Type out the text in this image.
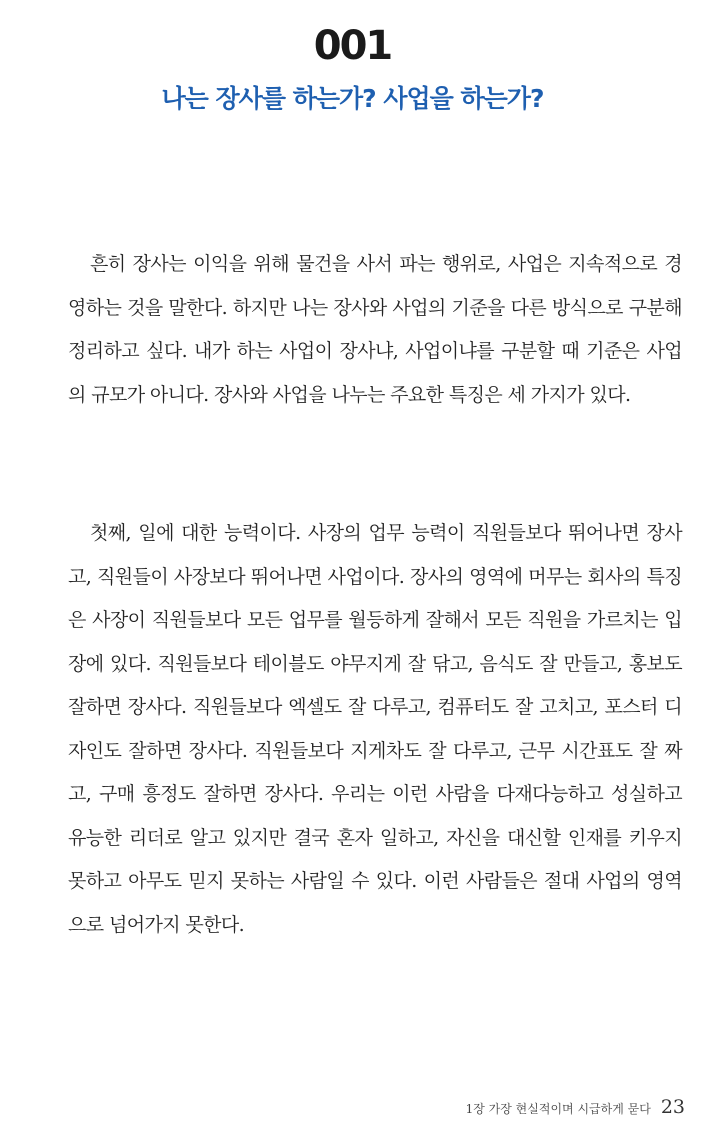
001
나는 장사를 하는가? 사업을 하는가?

흔히 장사는 이익을 위해 물건을 사서 파는 행위로, 사업은 지속적으로 경영하는 것을 말한다. 하지만 나는 장사와 사업의 기준을 다른 방식으로 구분해 정리하고 싶다. 내가 하는 사업이 장사냐, 사업이냐를 구분할 때 기준은 사업의 규모가 아니다. 장사와 사업을 나누는 주요한 특징은 세 가지가 있다.

첫째, 일에 대한 능력이다. 사장의 업무 능력이 직원들보다 뛰어나면 장사고, 직원들이 사장보다 뛰어나면 사업이다. 장사의 영역에 머무는 회사의 특징은 사장이 직원들보다 모든 업무를 월등하게 잘해서 모든 직원을 가르치는 입장에 있다. 직원들보다 테이블도 야무지게 잘 닦고, 음식도 잘 만들고, 홍보도 잘하면 장사다. 직원들보다 엑셀도 잘 다루고, 컴퓨터도 잘 고치고, 포스터 디자인도 잘하면 장사다. 직원들보다 지게차도 잘 다루고, 근무 시간표도 잘 짜고, 구매 흥정도 잘하면 장사다. 우리는 이런 사람을 다재다능하고 성실하고 유능한 리더로 알고 있지만 결국 혼자 일하고, 자신을 대신할 인재를 키우지 못하고 아무도 믿지 못하는 사람일 수 있다. 이런 사람들은 절대 사업의 영역으로 넘어가지 못한다.

1장 가장 현실적이며 시급하게 묻다 23
